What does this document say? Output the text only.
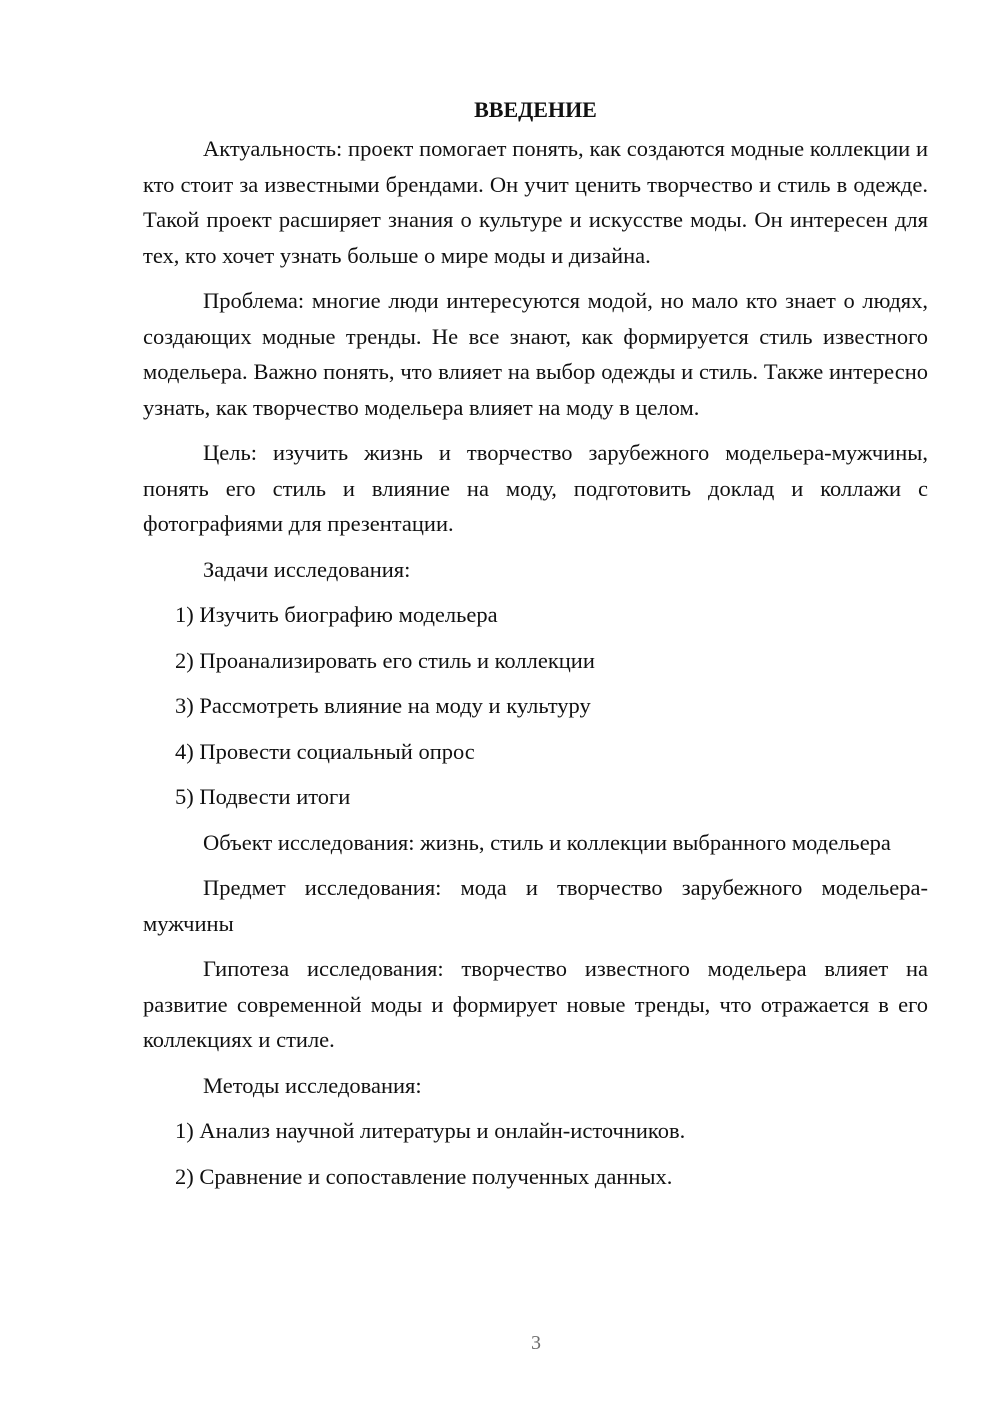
ВВЕДЕНИЕ

Актуальность: проект помогает понять, как создаются модные коллекции и кто стоит за известными брендами. Он учит ценить творчество и стиль в одежде. Такой проект расширяет знания о культуре и искусстве моды. Он интересен для тех, кто хочет узнать больше о мире моды и дизайна.

Проблема: многие люди интересуются модой, но мало кто знает о людях, создающих модные тренды. Не все знают, как формируется стиль известного модельера. Важно понять, что влияет на выбор одежды и стиль. Также интересно узнать, как творчество модельера влияет на моду в целом.

Цель: изучить жизнь и творчество зарубежного модельера-мужчины, понять его стиль и влияние на моду, подготовить доклад и коллажи с фотографиями для презентации.

Задачи исследования:

1) Изучить биографию модельера

2) Проанализировать его стиль и коллекции

3) Рассмотреть влияние на моду и культуру

4) Провести социальный опрос

5) Подвести итоги

Объект исследования: жизнь, стиль и коллекции выбранного модельера

Предмет исследования: мода и творчество зарубежного модельера-мужчины

Гипотеза исследования: творчество известного модельера влияет на развитие современной моды и формирует новые тренды, что отражается в его коллекциях и стиле.

Методы исследования:

1) Анализ научной литературы и онлайн-источников.

2) Сравнение и сопоставление полученных данных.

3
